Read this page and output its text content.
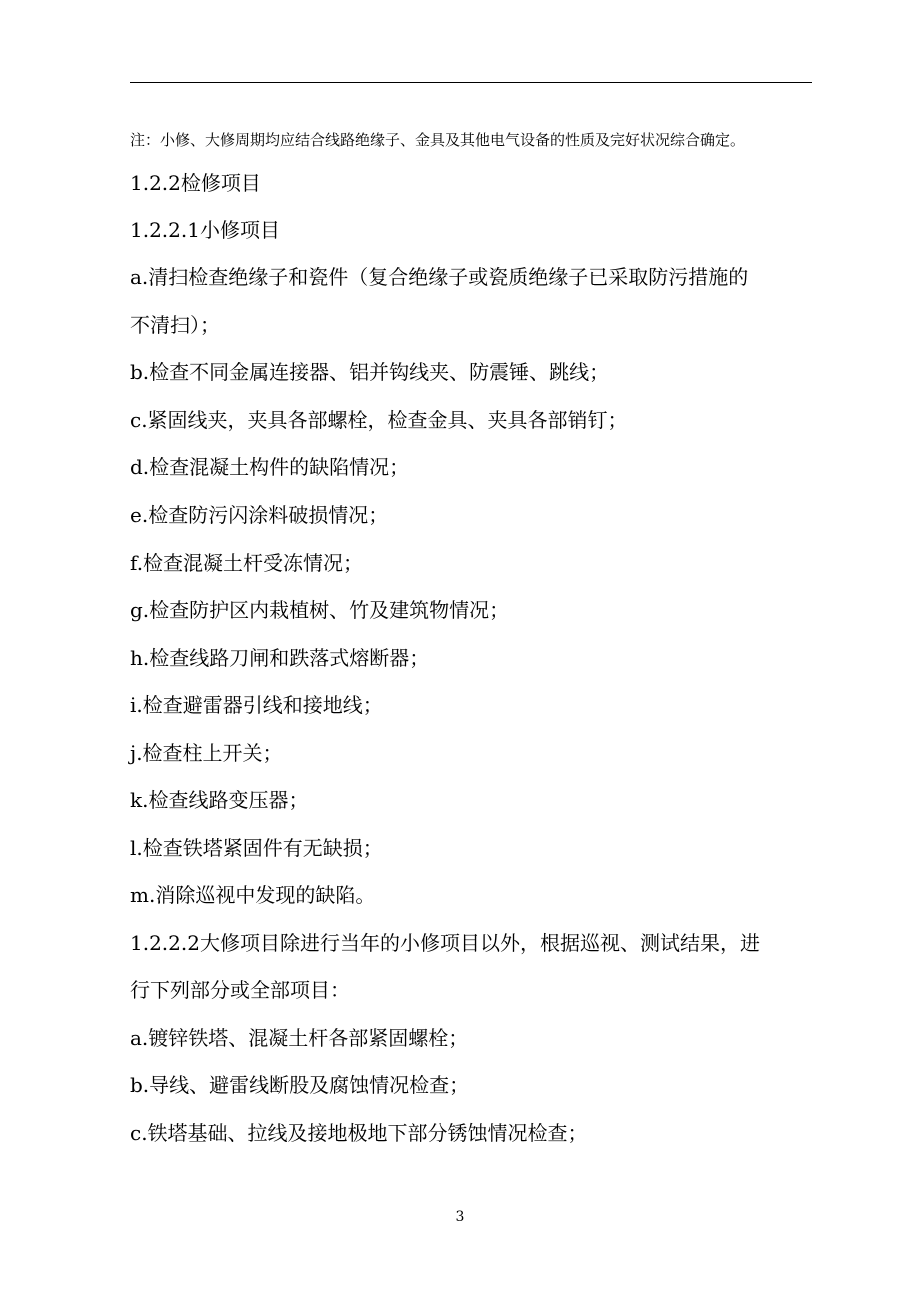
注：小修、大修周期均应结合线路绝缘子、金具及其他电气设备的性质及完好状况综合确定。
1.2.2检修项目
1.2.2.1小修项目
a.清扫检查绝缘子和瓷件（复合绝缘子或瓷质绝缘子已采取防污措施的
不清扫）；
b.检查不同金属连接器、铝并钩线夹、防震锤、跳线；
c.紧固线夹，夹具各部螺栓，检查金具、夹具各部销钉；
d.检查混凝土构件的缺陷情况；
e.检查防污闪涂料破损情况；
f.检查混凝土杆受冻情况；
g.检查防护区内栽植树、竹及建筑物情况；
h.检查线路刀闸和跌落式熔断器；
i.检查避雷器引线和接地线；
j.检查柱上开关；
k.检查线路变压器；
l.检查铁塔紧固件有无缺损；
m.消除巡视中发现的缺陷。
1.2.2.2大修项目除进行当年的小修项目以外，根据巡视、测试结果，进
行下列部分或全部项目：
a.镀锌铁塔、混凝土杆各部紧固螺栓；
b.导线、避雷线断股及腐蚀情况检查；
c.铁塔基础、拉线及接地极地下部分锈蚀情况检查；
3
